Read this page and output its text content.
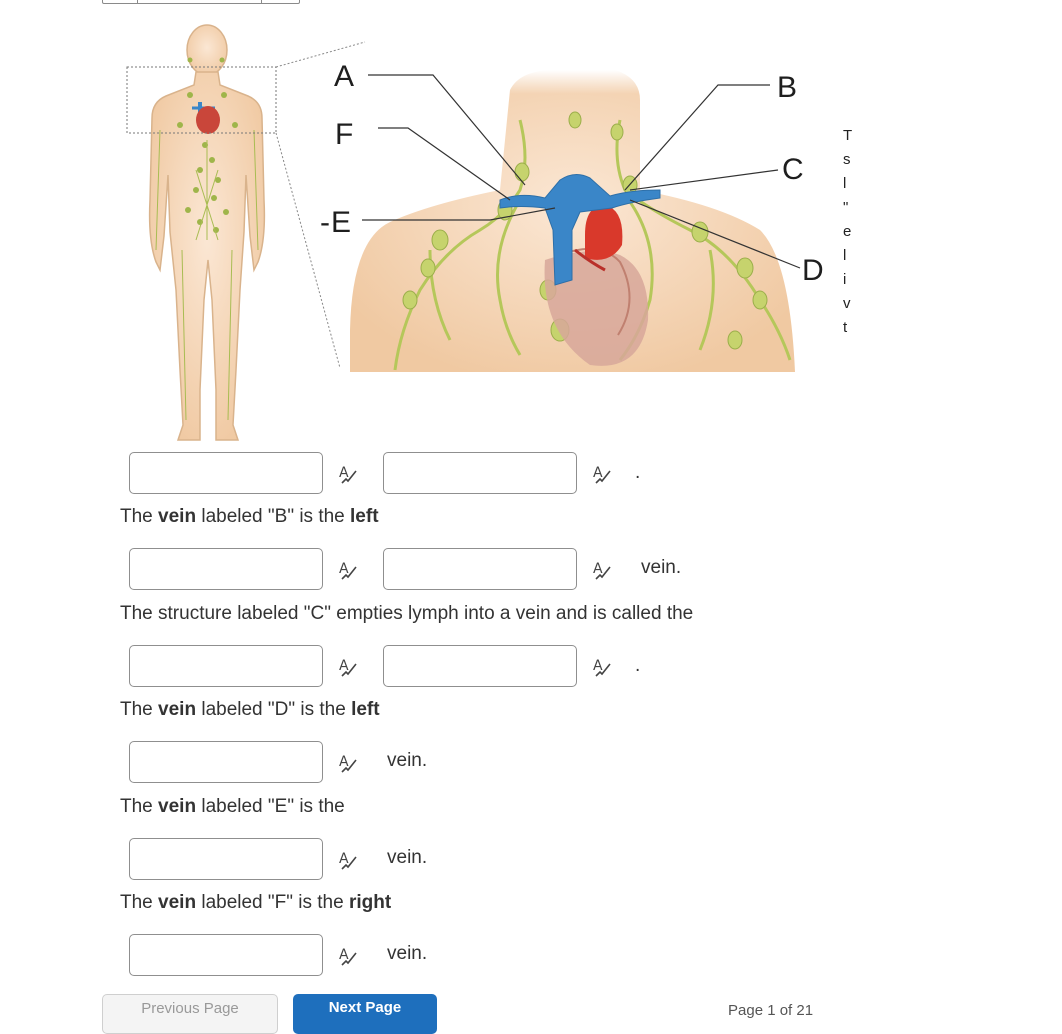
A
F
- E
B
C
D
T
s
l
"
e
l
i
v
t
A	A .
The vein labeled "B" is the left
A	A vein.
The structure labeled "C" empties lymph into a vein and is called the
A	A .
The vein labeled "D" is the left
A vein.
The vein labeled "E" is the
A vein.
The vein labeled "F" is the right
A vein.
Previous Page	Next Page	Page 1 of 21
